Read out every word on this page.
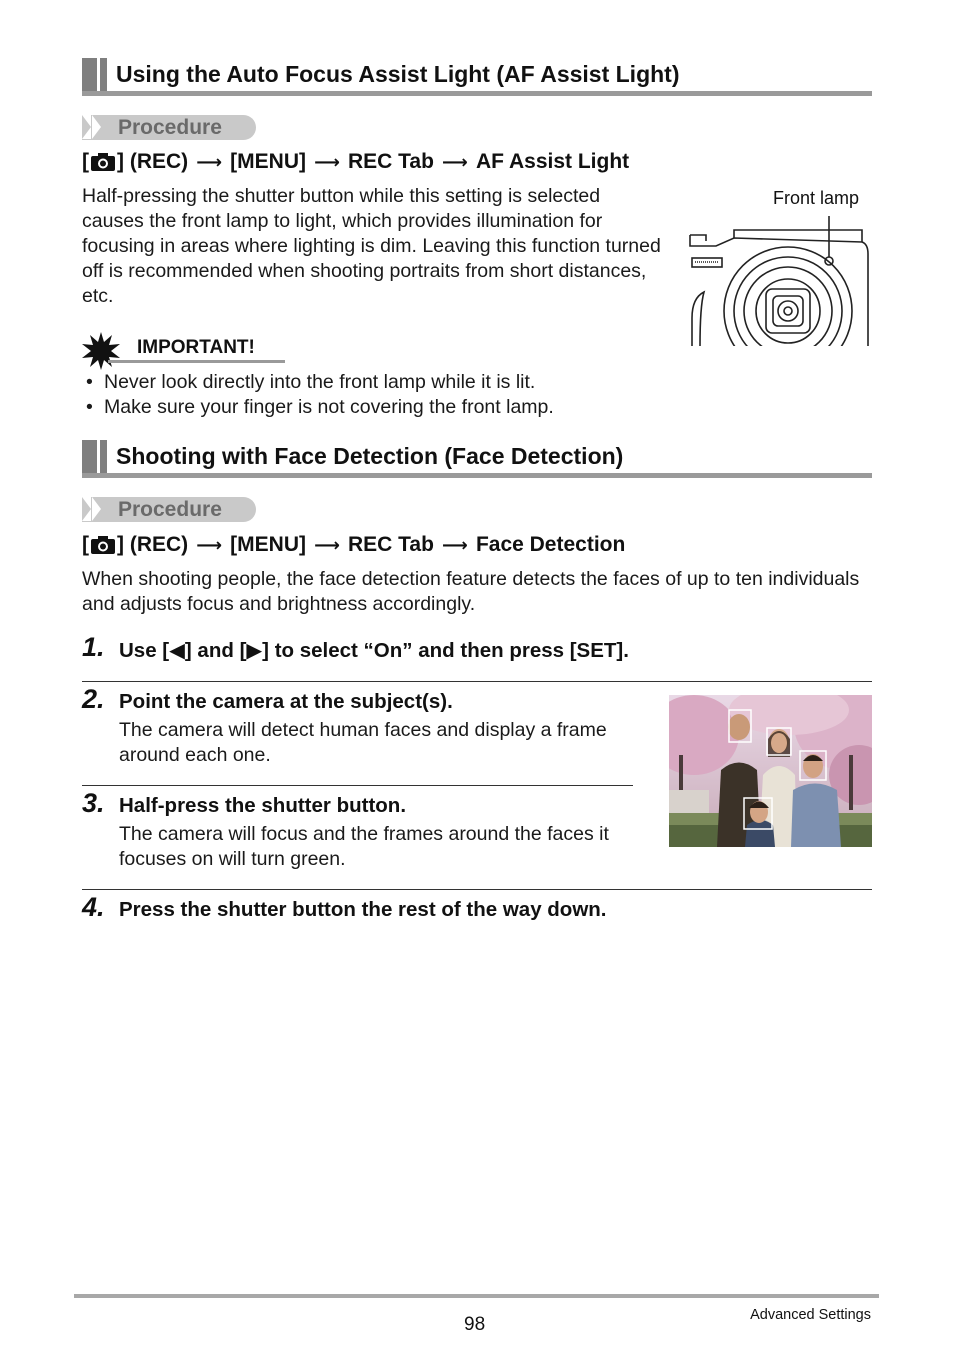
Using the Auto Focus Assist Light (AF Assist Light)
Procedure
[ ] (REC) ⟶ [MENU] ⟶ REC Tab ⟶ AF Assist Light
Half-pressing the shutter button while this setting is selected causes the front lamp to light, which provides illumination for focusing in areas where lighting is dim. Leaving this function turned off is recommended when shooting portraits from short distances, etc.
Front lamp
IMPORTANT!
• Never look directly into the front lamp while it is lit.
• Make sure your finger is not covering the front lamp.
Shooting with Face Detection (Face Detection)
Procedure
[ ] (REC) ⟶ [MENU] ⟶ REC Tab ⟶ Face Detection
When shooting people, the face detection feature detects the faces of up to ten individuals and adjusts focus and brightness accordingly.
1. Use [◀] and [▶] to select “On” and then press [SET].
2. Point the camera at the subject(s).
The camera will detect human faces and display a frame around each one.
3. Half-press the shutter button.
The camera will focus and the frames around the faces it focuses on will turn green.
4. Press the shutter button the rest of the way down.
98	Advanced Settings
